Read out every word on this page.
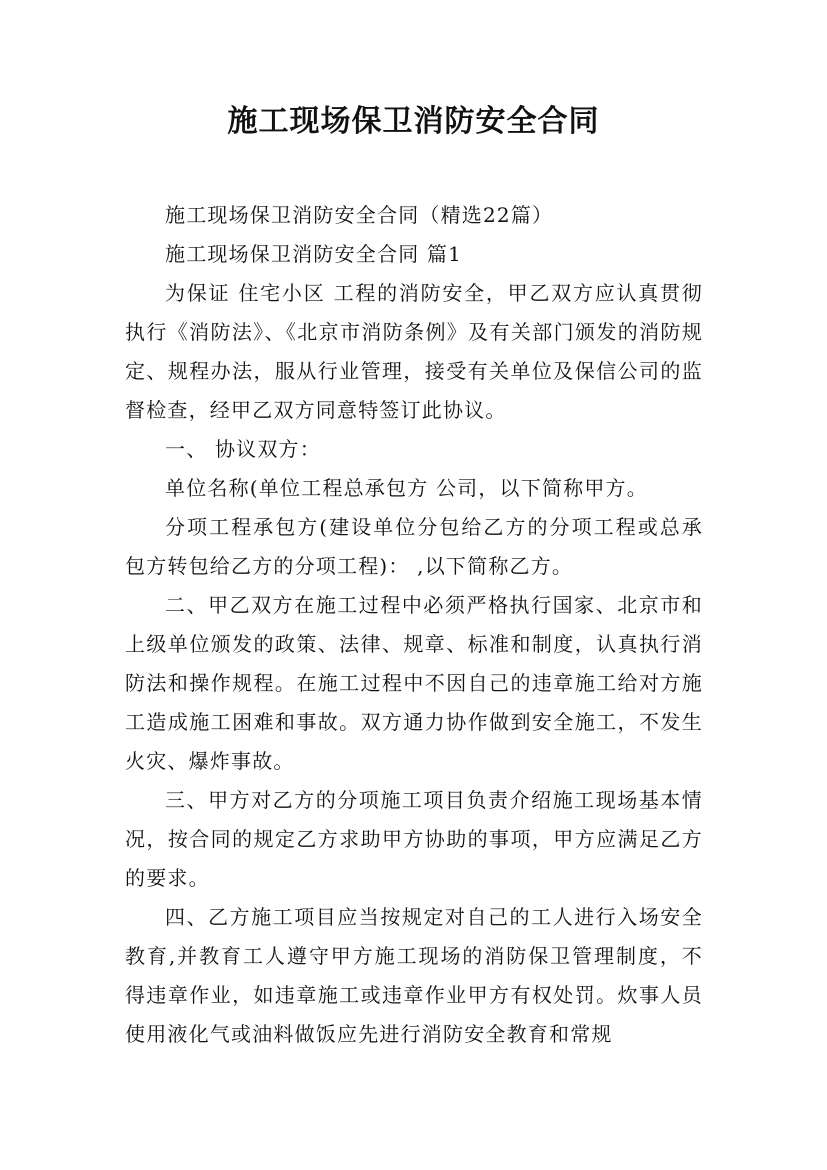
施工现场保卫消防安全合同

施工现场保卫消防安全合同（精选22篇）

施工现场保卫消防安全合同 篇1

为保证 住宅小区 工程的消防安全，甲乙双方应认真贯彻执行《消防法》、《北京市消防条例》及有关部门颁发的消防规定、规程办法，服从行业管理，接受有关单位及保信公司的监督检查，经甲乙双方同意特签订此协议。

一、 协议双方：

单位名称(单位工程总承包方 公司，以下简称甲方。

分项工程承包方(建设单位分包给乙方的分项工程或总承包方转包给乙方的分项工程)： ,以下简称乙方。

二、甲乙双方在施工过程中必须严格执行国家、北京市和上级单位颁发的政策、法律、规章、标准和制度，认真执行消防法和操作规程。在施工过程中不因自己的违章施工给对方施工造成施工困难和事故。双方通力协作做到安全施工，不发生火灾、爆炸事故。

三、甲方对乙方的分项施工项目负责介绍施工现场基本情况，按合同的规定乙方求助甲方协助的事项，甲方应满足乙方的要求。

四、乙方施工项目应当按规定对自己的工人进行入场安全教育,并教育工人遵守甲方施工现场的消防保卫管理制度，不得违章作业，如违章施工或违章作业甲方有权处罚。炊事人员使用液化气或油料做饭应先进行消防安全教育和常规
